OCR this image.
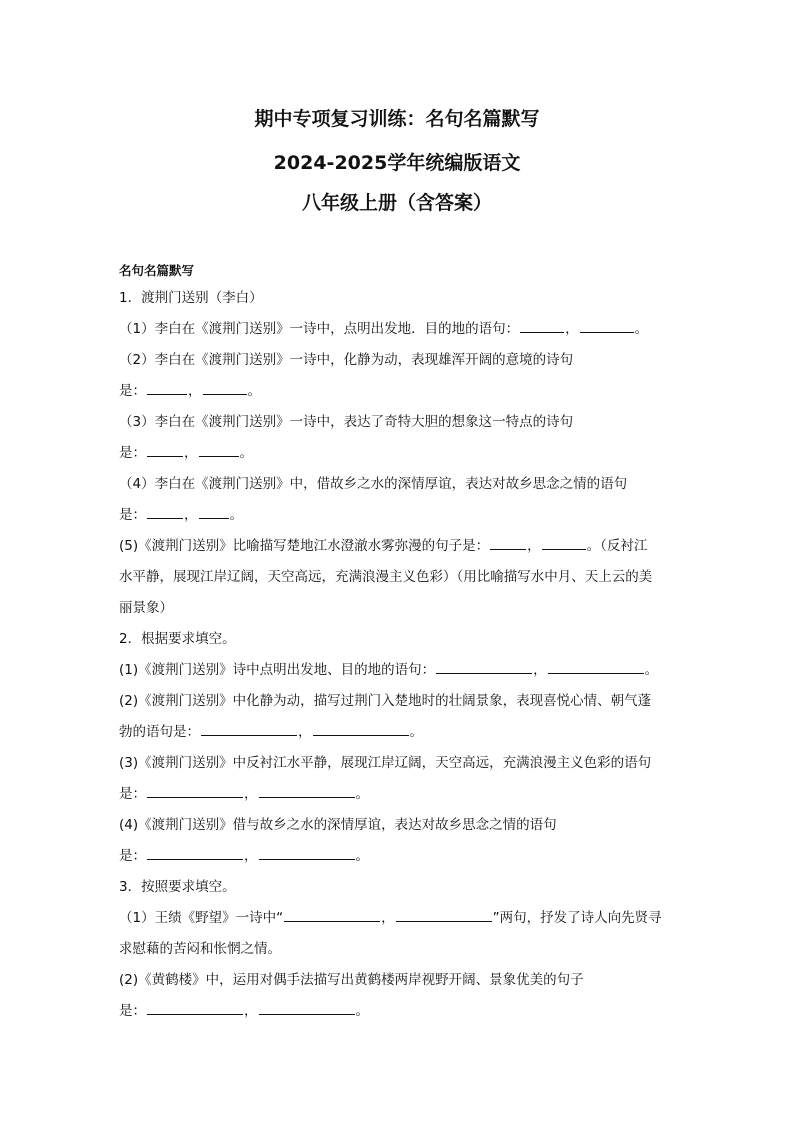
期中专项复习训练：名句名篇默写
2024-2025学年统编版语文
八年级上册（含答案）
名句名篇默写
1．渡荆门送别（李白）
（1）李白在《渡荆门送别》一诗中，点明出发地．目的地的语句：	，	。
（2）李白在《渡荆门送别》一诗中，化静为动，表现雄浑开阔的意境的诗句
是：	，	。
（3）李白在《渡荆门送别》一诗中，表达了奇特大胆的想象这一特点的诗句
是：	，	。
（4）李白在《渡荆门送别》中，借故乡之水的深情厚谊，表达对故乡思念之情的语句
是：	， 。
(5)《渡荆门送别》比喻描写楚地江水澄澈水雾弥漫的句子是：	，	。（反衬江
水平静，展现江岸辽阔，天空高远，充满浪漫主义色彩）（用比喻描写水中月、天上云的美
丽景象）
2．根据要求填空。
(1)《渡荆门送别》诗中点明出发地、目的地的语句：	，	。
(2)《渡荆门送别》中化静为动，描写过荆门入楚地时的壮阔景象，表现喜悦心情、朝气蓬
勃的语句是：	，	。
(3)《渡荆门送别》中反衬江水平静，展现江岸辽阔，天空高远，充满浪漫主义色彩的语句
是：	，	。
(4)《渡荆门送别》借与故乡之水的深情厚谊，表达对故乡思念之情的语句
是：	，	。
3．按照要求填空。
（1）王绩《野望》一诗中“	，	”两句，抒发了诗人向先贤寻
求慰藉的苦闷和怅惘之情。
(2)《黄鹤楼》中，运用对偶手法描写出黄鹤楼两岸视野开阔、景象优美的句子
是：	，	。
